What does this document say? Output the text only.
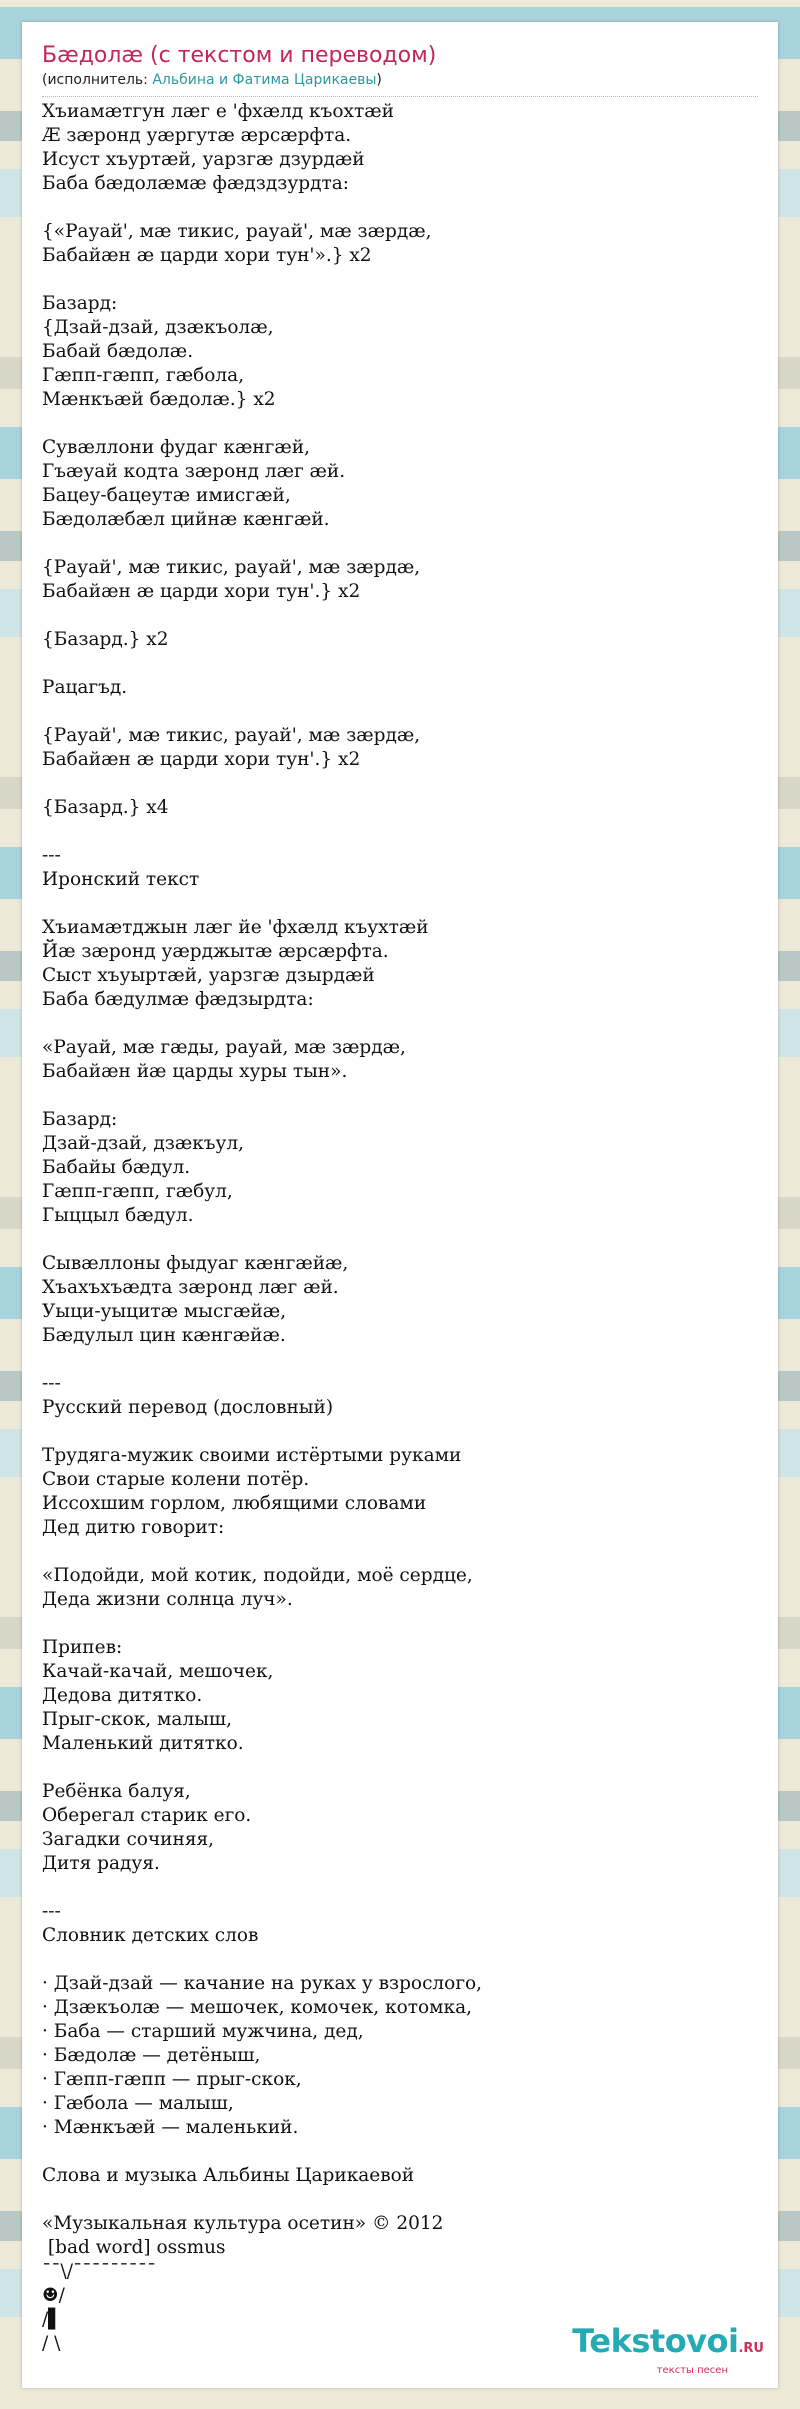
Бæдолæ (с текстом и переводом)
(исполнитель: Альбина и Фатима Царикаевы)
Хъиамæтгун лæг е 'фхæлд къохтæй
Æ зæронд уæргутæ æрсæрфта.
Исуст хъуртæй, уарзгæ дзурдæй
Баба бæдолæмæ фæдздзурдта:
{«Рауай', мæ тикис, рауай', мæ зæрдæ,
Бабайæн æ царди хори тун'».} x2
Базард:
{Дзай-дзай, дзæкъолæ,
Бабай бæдолæ.
Гæпп-гæпп, гæбола,
Мæнкъæй бæдолæ.} x2
Сувæллони фудаг кæнгæй,
Гъæуай кодта зæронд лæг æй.
Бацеу-бацеутæ имисгæй,
Бæдолæбæл цийнæ кæнгæй.
{Рауай', мæ тикис, рауай', мæ зæрдæ,
Бабайæн æ царди хори тун'.} x2
{Базард.} x2
Рацагъд.
{Рауай', мæ тикис, рауай', мæ зæрдæ,
Бабайæн æ царди хори тун'.} x2
{Базард.} x4
---
Иронский текст
Хъиамæтджын лæг йе 'фхæлд къухтæй
Йæ зæронд уæрджытæ æрсæрфта.
Сыст хъуыртæй, уарзгæ дзырдæй
Баба бæдулмæ фæдзырдта:
«Рауай, мæ гæды, рауай, мæ зæрдæ,
Бабайæн йæ царды хуры тын».
Базард:
Дзай-дзай, дзæкъул,
Бабайы бæдул.
Гæпп-гæпп, гæбул,
Гыццыл бæдул.
Сывæллоны фыдуаг кæнгæйæ,
Хъахъхъæдта зæронд лæг æй.
Уыци-уыцитæ мысгæйæ,
Бæдулыл цин кæнгæйæ.
---
Русский перевод (дословный)
Трудяга-мужик своими истёртыми руками
Свои старые колени потёр.
Иссохшим горлом, любящими словами
Дед дитю говорит:
«Подойди, мой котик, подойди, моё сердце,
Деда жизни солнца луч».
Припев:
Качай-качай, мешочек,
Дедова дитятко.
Прыг-скок, малыш,
Маленький дитятко.
Ребёнка балуя,
Оберегал старик его.
Загадки сочиняя,
Дитя радуя.
---
Словник детских слов
· Дзай-дзай — качание на руках у взрослого,
· Дзæкъолæ — мешочек, комочек, котомка,
· Баба — старший мужчина, дед,
· Бæдолæ — детёныш,
· Гæпп-гæпп — прыг-скок,
· Гæбола — малыш,
· Мæнкъæй — маленький.
Слова и музыка Альбины Царикаевой
«Музыкальная культура осетин» © 2012
[bad word] ossmus
¯¯\/¯¯¯¯¯¯¯¯¯
☻/
/▌
/ \	Tekstovoi.RU
тексты песен
